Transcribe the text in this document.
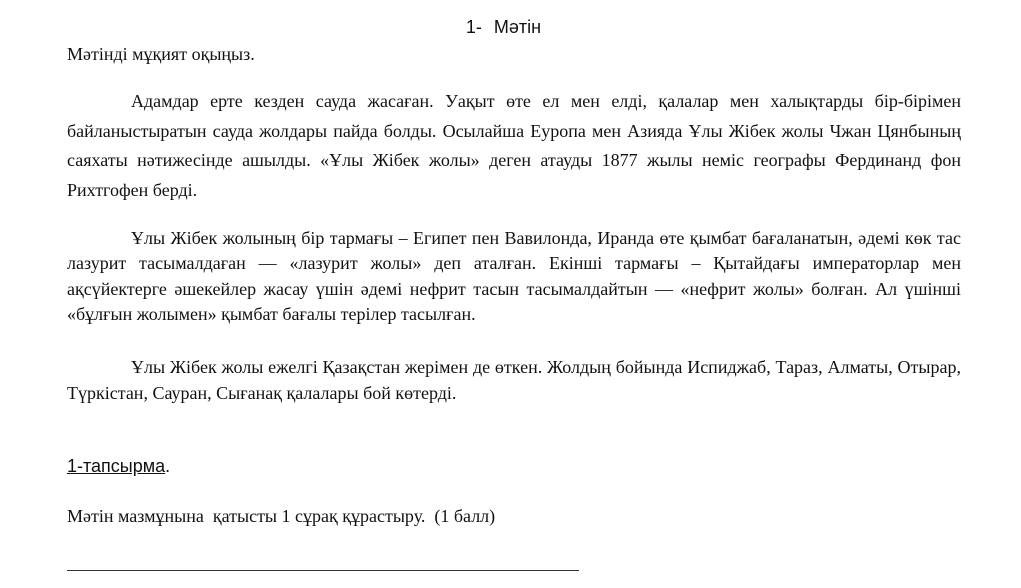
1- Мәтін
Мәтінді мұқият оқыңыз.

Адамдар ерте кезден сауда жасаған. Уақыт өте ел мен елді, қалалар мен халықтарды бір-бірімен байланыстыратын сауда жолдары пайда болды. Осылайша Еуропа мен Азияда Ұлы Жібек жолы Чжан Цянбының саяхаты нәтижесінде ашылды. «Ұлы Жібек жолы» деген атауды 1877 жылы неміс географы Фердинанд фон Рихтгофен берді.

Ұлы Жібек жолының бір тармағы – Египет пен Вавилонда, Иранда өте қымбат бағаланатын, әдемі көк тас лазурит тасымалдаған — «лазурит жолы» деп аталған. Екінші тармағы – Қытайдағы императорлар мен ақсүйектерге әшекейлер жасау үшін әдемі нефрит тасын тасымалдайтын — «нефрит жолы» болған. Ал үшінші «бұлғын жолымен» қымбат бағалы терілер тасылған.

Ұлы Жібек жолы ежелгі Қазақстан жерімен де өткен. Жолдың бойында Испиджаб, Тараз, Алматы, Отырар, Түркістан, Сауран, Сығанақ қалалары бой көтерді.

1-тапсырма.
Мәтін мазмұнына  қатысты 1 сұрақ құрастыру.  (1 балл)
